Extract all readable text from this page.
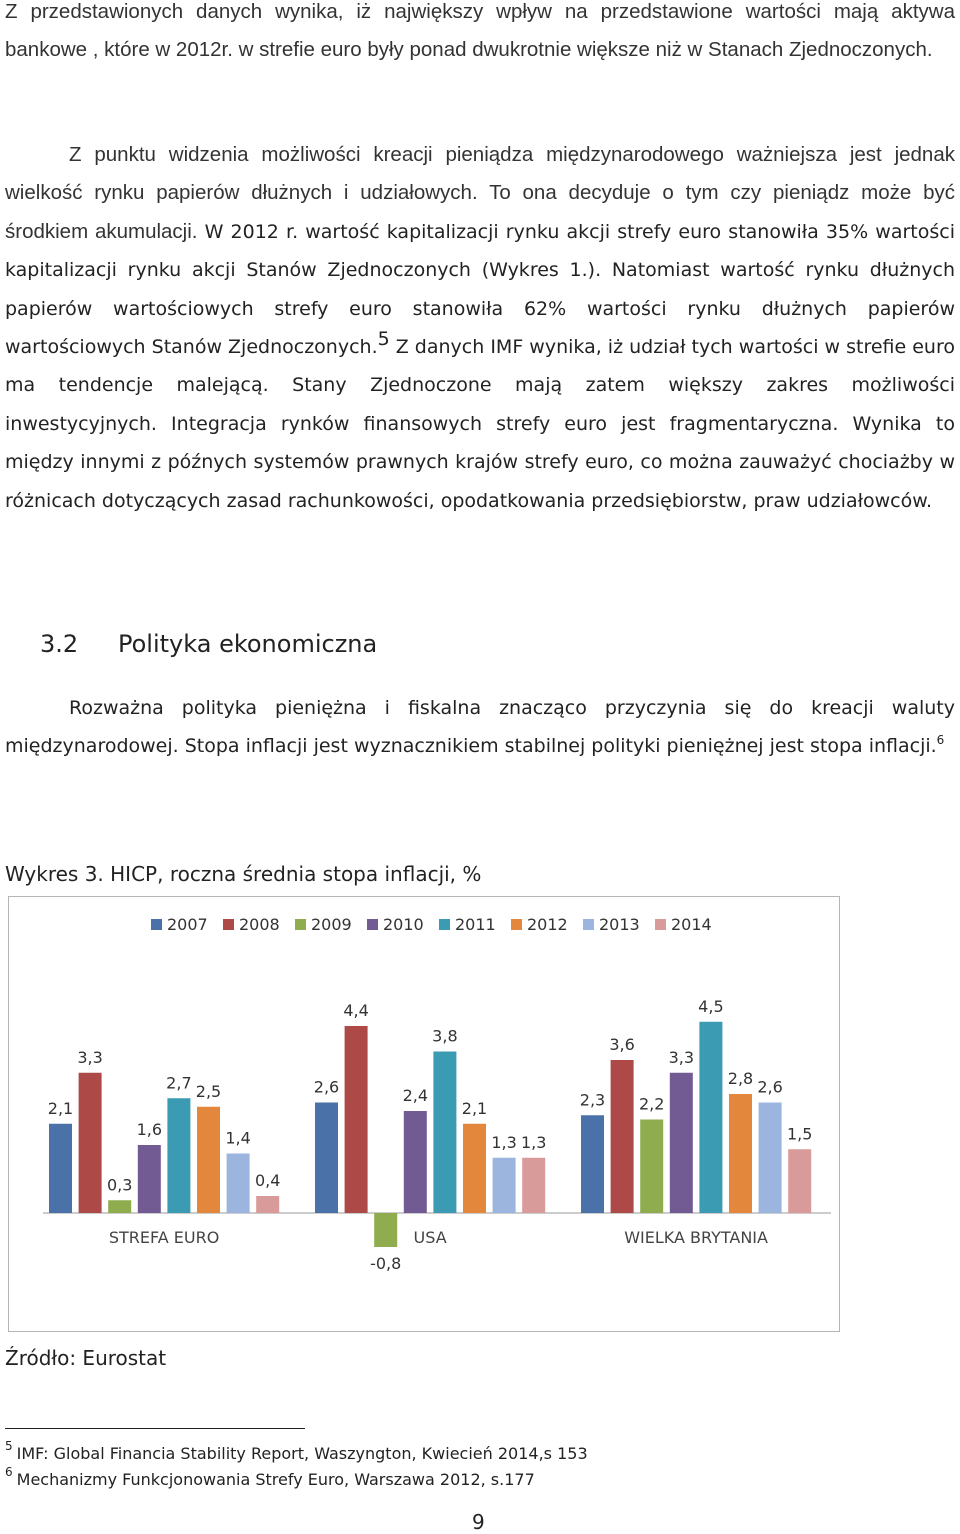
Z przedstawionych danych wynika, iż największy wpływ na przedstawione wartości mają aktywa bankowe , które w 2012r. w strefie euro były ponad dwukrotnie większe niż w Stanach Zjednoczonych.
Z punktu widzenia możliwości kreacji pieniądza międzynarodowego ważniejsza jest jednak wielkość rynku papierów dłużnych i udziałowych. To ona decyduje o tym czy pieniądz może być środkiem akumulacji. W 2012 r. wartość kapitalizacji rynku akcji strefy euro stanowiła 35% wartości kapitalizacji rynku akcji Stanów Zjednoczonych (Wykres 1.). Natomiast wartość rynku dłużnych papierów wartościowych strefy euro stanowiła 62% wartości rynku dłużnych papierów wartościowych Stanów Zjednoczonych.$^5$ Z danych IMF wynika, iż udział tych wartości w strefie euro ma tendencje malejącą. Stany Zjednoczone mają zatem większy zakres możliwości inwestycyjnych. Integracja rynków finansowych strefy euro jest fragmentaryczna. Wynika to między innymi z późnych systemów prawnych krajów strefy euro, co można zauważyć chociażby w różnicach dotyczących zasad rachunkowości, opodatkowania przedsiębiorstw, praw udziałowców.
3.2 Polityka ekonomiczna
Rozważna polityka pieniężna i fiskalna znacząco przyczynia się do kreacji waluty międzynarodowej. Stopa inflacji jest wyznacznikiem stabilnej polityki pieniężnej jest stopa inflacji.$^6$
Wykres 3. HICP, roczna średnia stopa inflacji, %
2007 2008 2009 2010 2011 2012 2013 2014
2,1
3,3
0,3
1,6
2,7 2,5
1,4
0,4
STREFA EURO
2,6
4,4
-0,8
2,4
3,8
2,1
1,3 1,3
USA
2,3
3,6
2,2
3,3
4,5
2,8 2,6
1,5
WIELKA BRYTANIA
Źródło: Eurostat
$^5$ IMF: Global Financia Stability Report, Waszyngton, Kwiecień 2014,s 153
$^6$ Mechanizmy Funkcjonowania Strefy Euro, Warszawa 2012, s.177
9
